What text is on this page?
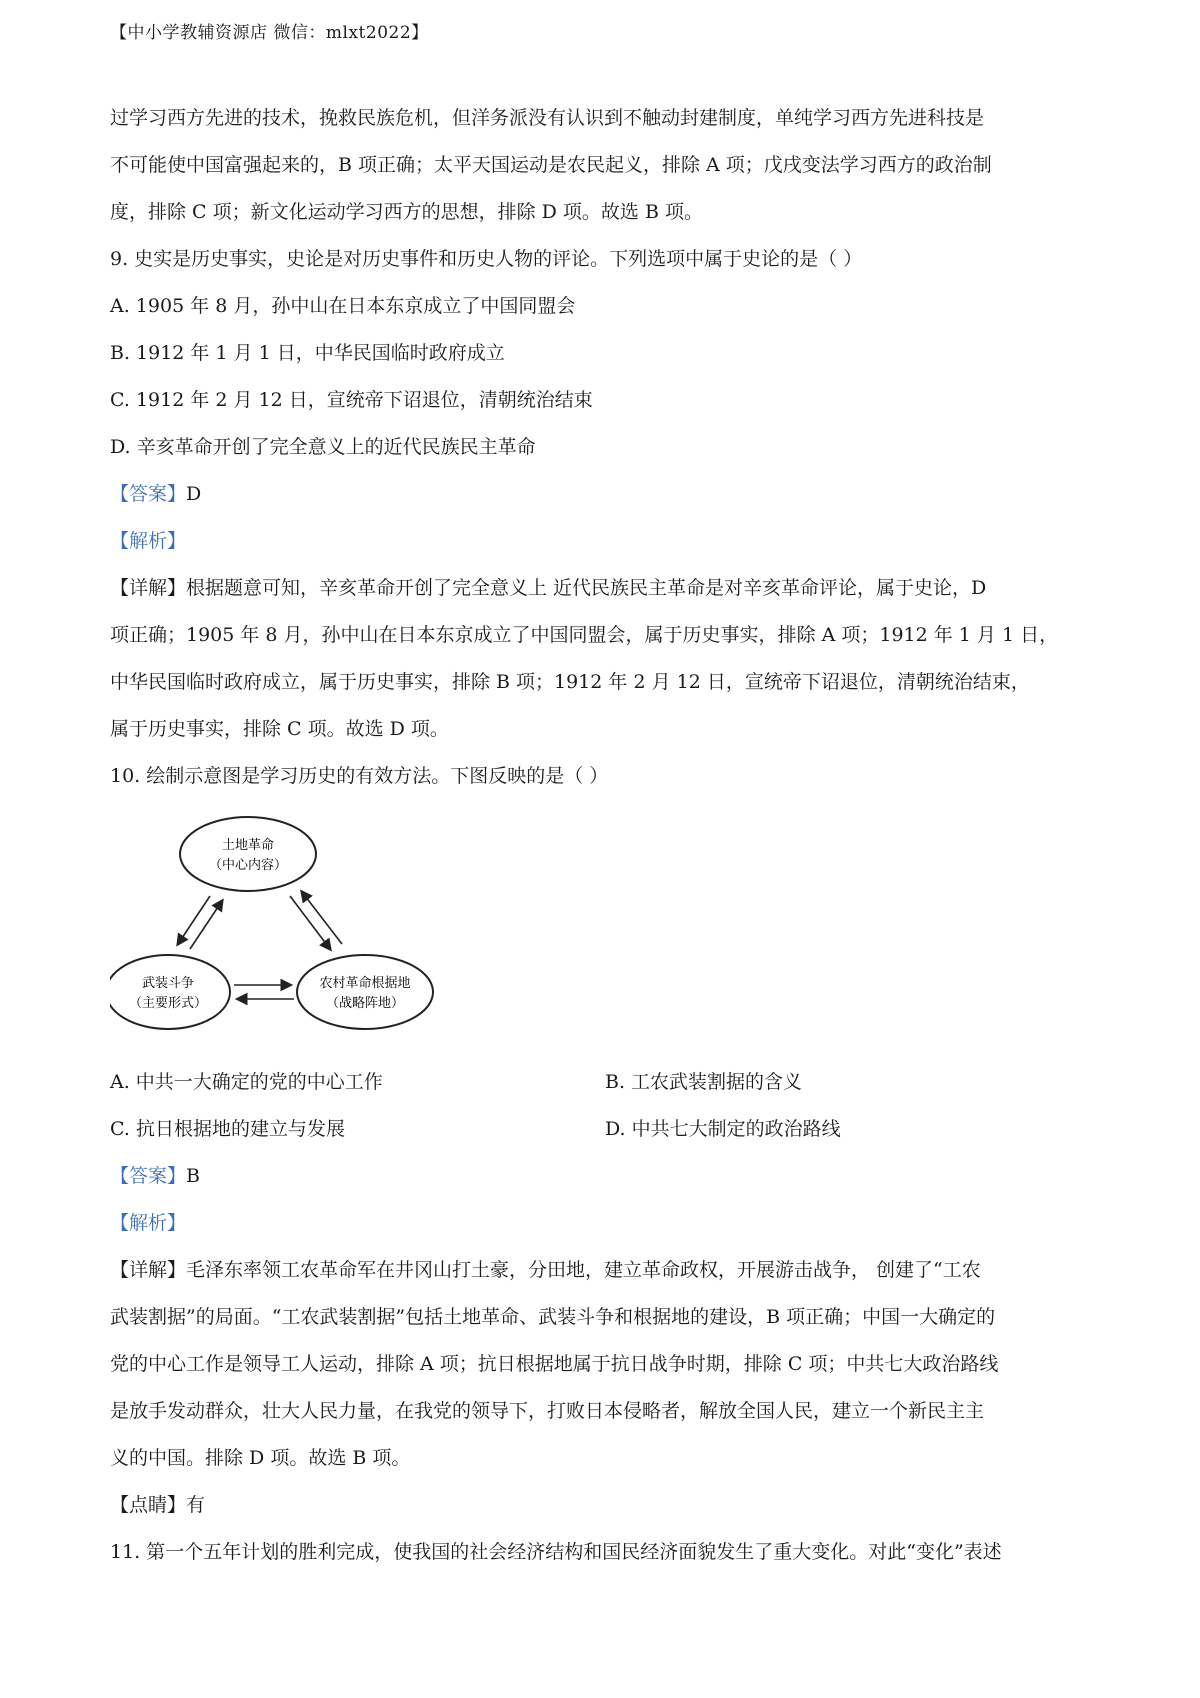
【中小学教辅资源店 微信：mlxt2022】
过学习西方先进的技术，挽救民族危机，但洋务派没有认识到不触动封建制度，单纯学习西方先进科技是
不可能使中国富强起来的，B 项正确；太平天国运动是农民起义，排除 A 项；戊戌变法学习西方的政治制
度，排除 C 项；新文化运动学习西方的思想，排除 D 项。故选 B 项。
9. 史实是历史事实，史论是对历史事件和历史人物的评论。下列选项中属于史论的是（ ）
A. 1905 年 8 月，孙中山在日本东京成立了中国同盟会
B. 1912 年 1 月 1 日，中华民国临时政府成立
C. 1912 年 2 月 12 日，宣统帝下诏退位，清朝统治结束
D. 辛亥革命开创了完全意义上的近代民族民主革命
【答案】D
【解析】
【详解】根据题意可知，辛亥革命开创了完全意义上 近代民族民主革命是对辛亥革命评论，属于史论，D
项正确；1905 年 8 月，孙中山在日本东京成立了中国同盟会，属于历史事实，排除 A 项；1912 年 1 月 1 日，
中华民国临时政府成立，属于历史事实，排除 B 项；1912 年 2 月 12 日，宣统帝下诏退位，清朝统治结束，
属于历史事实，排除 C 项。故选 D 项。
10. 绘制示意图是学习历史的有效方法。下图反映的是（ ）
土地革命
（中心内容）
武装斗争
（主要形式）
农村革命根据地
（战略阵地）
A. 中共一大确定的党的中心工作	B. 工农武装割据的含义
C. 抗日根据地的建立与发展	D. 中共七大制定的政治路线
【答案】B
【解析】
【详解】毛泽东率领工农革命军在井冈山打土豪，分田地，建立革命政权，开展游击战争， 创建了“工农
武装割据”的局面。“工农武装割据”包括土地革命、武装斗争和根据地的建设，B 项正确；中国一大确定的
党的中心工作是领导工人运动，排除 A 项；抗日根据地属于抗日战争时期，排除 C 项；中共七大政治路线
是放手发动群众，壮大人民力量，在我党的领导下，打败日本侵略者，解放全国人民，建立一个新民主主
义的中国。排除 D 项。故选 B 项。
【点睛】有
11. 第一个五年计划的胜利完成，使我国的社会经济结构和国民经济面貌发生了重大变化。对此“变化”表述
